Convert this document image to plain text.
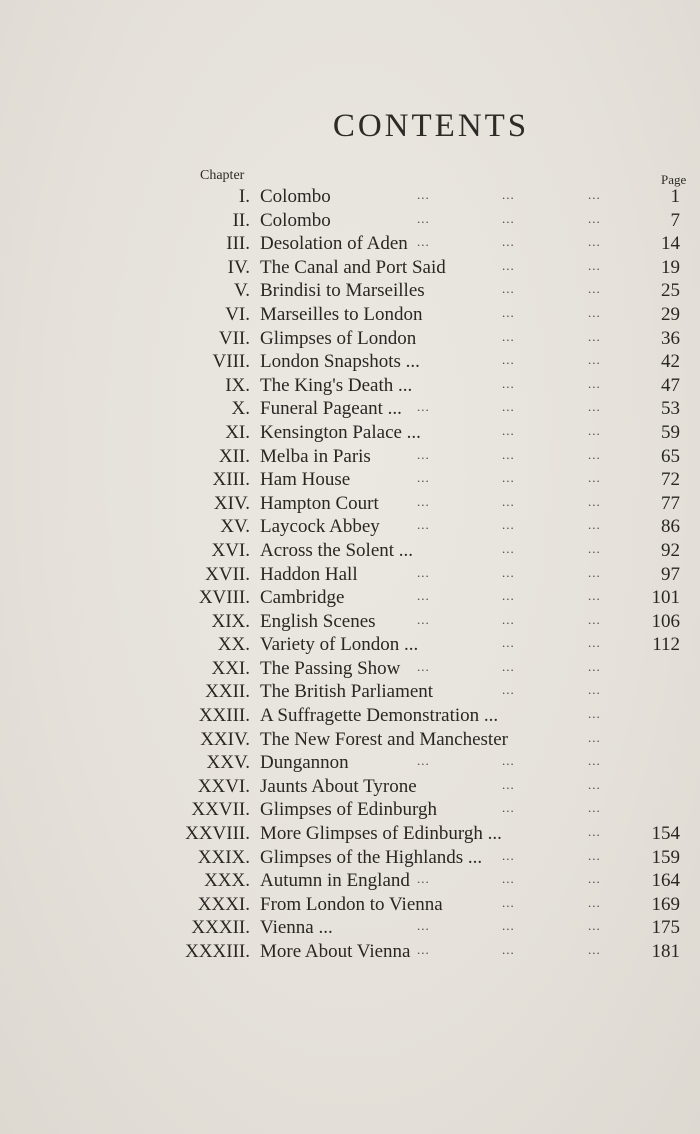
CONTENTS
Chapter	Page
I. Colombo	...	...	...	1
II. Colombo	...	...	...	7
III. Desolation of Aden ...	...	...	14
IV. The Canal and Port Said	...	...	19
V. Brindisi to Marseilles	...	...	25
VI. Marseilles to London	...	...	29
VII. Glimpses of London	...	...	36
VIII. London Snapshots ...	...	...	42
IX. The King's Death ...	...	...	47
X. Funeral Pageant ... ...	...	...	53
XI. Kensington Palace ...	...	...	59
XII. Melba in Paris	...	...	...	65
XIII. Ham House	...	...	...	72
XIV. Hampton Court	...	...	...	77
XV. Laycock Abbey	...	...	...	86
XVI. Across the Solent ...	...	...	92
XVII. Haddon Hall	...	...	...	97
XVIII. Cambridge	...	...	...	101
XIX. English Scenes	...	...	...	106
XX. Variety of London ...	...	...	112
XXI. The Passing Show ...	...	...
XXII. The British Parliament	...	...
XXIII. A Suffragette Demonstration ...	...
XXIV. The New Forest and Manchester	...
XXV. Dungannon	...	...	...
XXVI. Jaunts About Tyrone	...	...
XXVII. Glimpses of Edinburgh	...	...
XXVIII. More Glimpses of Edinburgh ...	...	154
XXIX. Glimpses of the Highlands ... ...	...	159
XXX. Autumn in England ...	...	...	164
XXXI. From London to Vienna	...	...	169
XXXII. Vienna ...	...	...	...	175
XXXIII. More About Vienna ...	...	...	181
